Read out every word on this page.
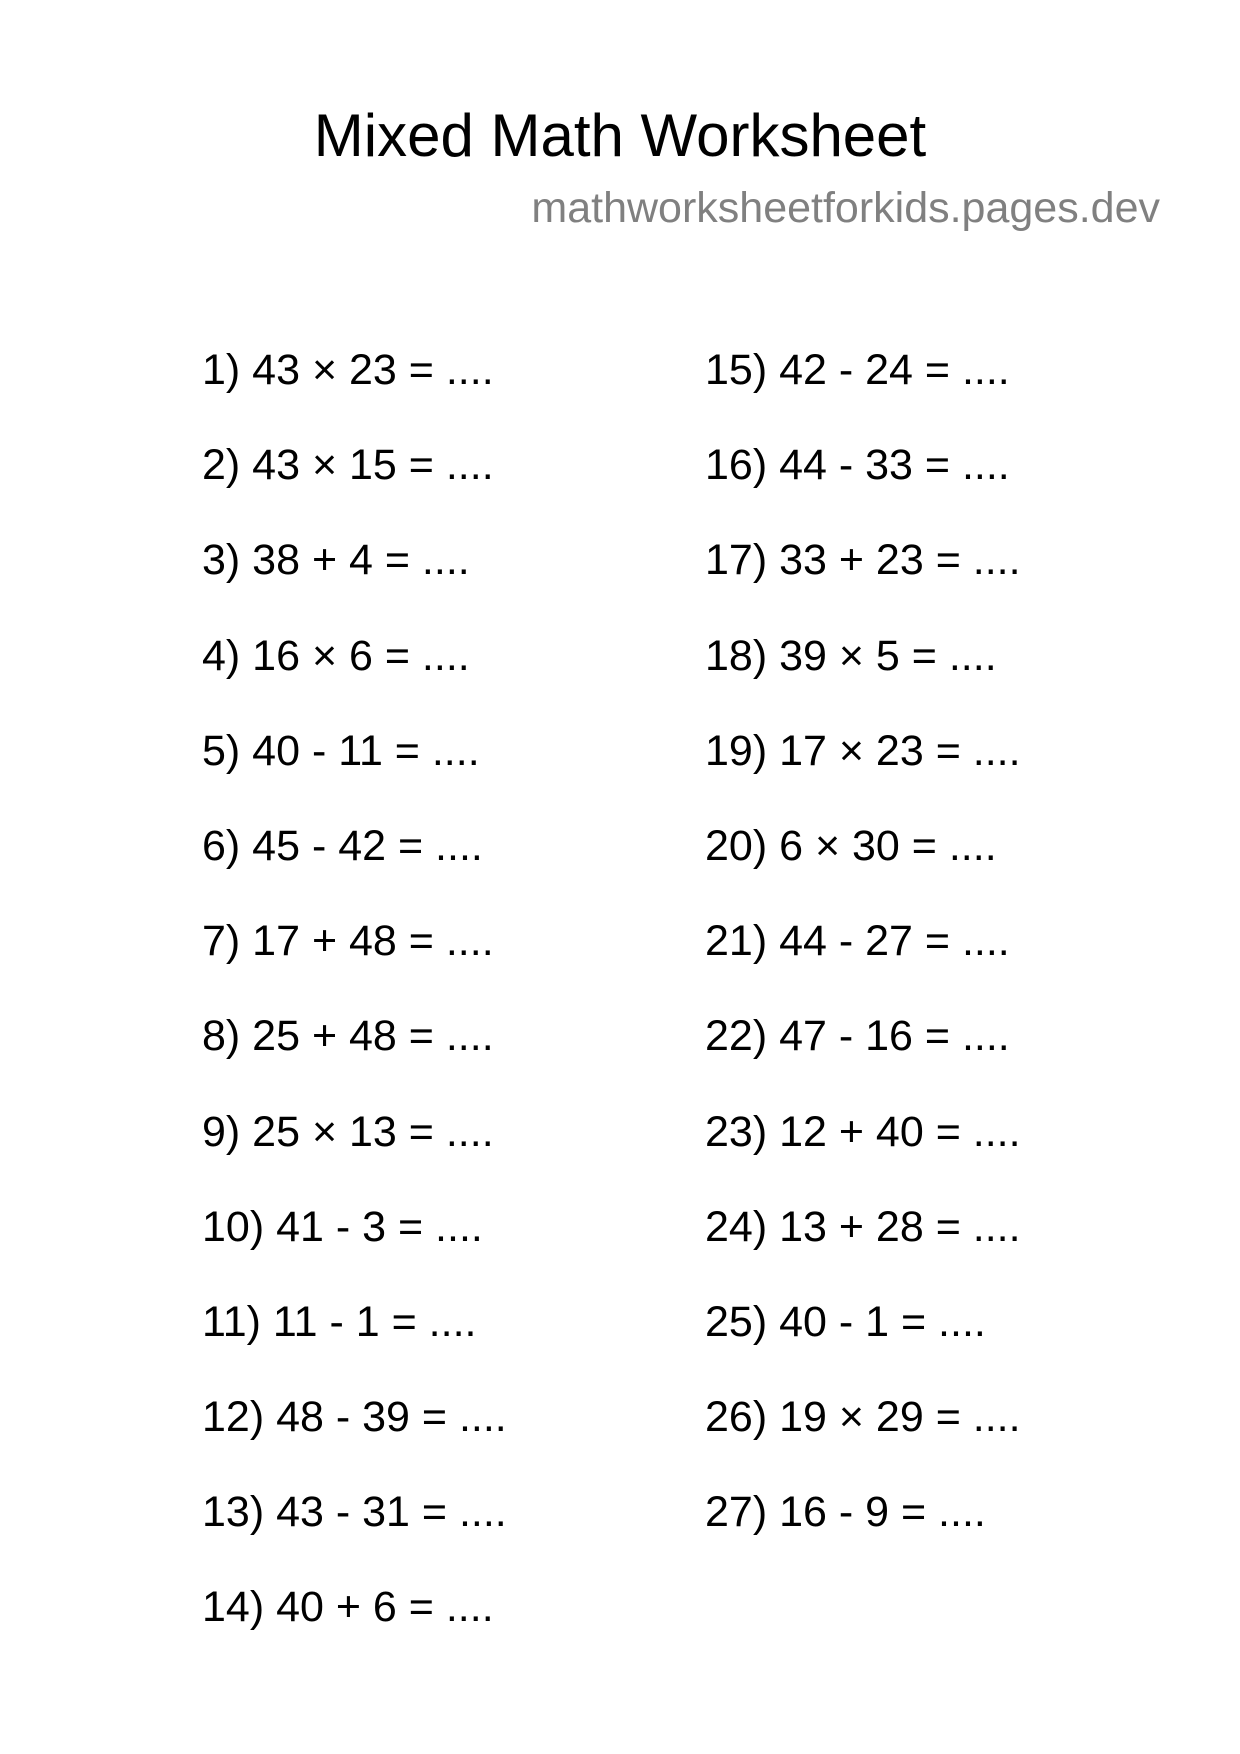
Mixed Math Worksheet
mathworksheetforkids.pages.dev
1) 43 × 23 = ....
2) 43 × 15 = ....
3) 38 + 4 = ....
4) 16 × 6 = ....
5) 40 - 11 = ....
6) 45 - 42 = ....
7) 17 + 48 = ....
8) 25 + 48 = ....
9) 25 × 13 = ....
10) 41 - 3 = ....
11) 11 - 1 = ....
12) 48 - 39 = ....
13) 43 - 31 = ....
14) 40 + 6 = ....
15) 42 - 24 = ....
16) 44 - 33 = ....
17) 33 + 23 = ....
18) 39 × 5 = ....
19) 17 × 23 = ....
20) 6 × 30 = ....
21) 44 - 27 = ....
22) 47 - 16 = ....
23) 12 + 40 = ....
24) 13 + 28 = ....
25) 40 - 1 = ....
26) 19 × 29 = ....
27) 16 - 9 = ....
